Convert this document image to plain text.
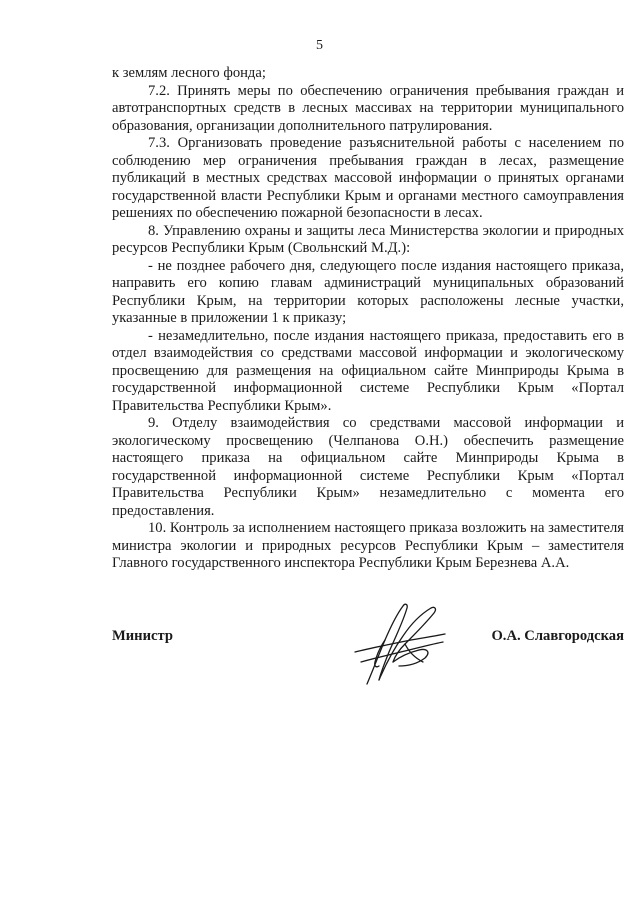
5

к землям лесного фонда;

7.2. Принять меры по обеспечению ограничения пребывания граждан и автотранспортных средств в лесных массивах на территории муниципального образования, организации дополнительного патрулирования.

7.3. Организовать проведение разъяснительной работы с населением по соблюдению мер ограничения пребывания граждан в лесах, размещение публикаций в местных средствах массовой информации о принятых органами государственной власти Республики Крым и органами местного самоуправления решениях по обеспечению пожарной безопасности в лесах.

8. Управлению охраны и защиты леса Министерства экологии и природных ресурсов Республики Крым (Свольнский М.Д.):

- не позднее рабочего дня, следующего после издания настоящего приказа, направить его копию главам администраций муниципальных образований Республики Крым, на территории которых расположены лесные участки, указанные в приложении 1 к приказу;

- незамедлительно, после издания настоящего приказа, предоставить его в отдел взаимодействия со средствами массовой информации и экологическому просвещению для размещения на официальном сайте Минприроды Крыма в государственной информационной системе Республики Крым «Портал Правительства Республики Крым».

9. Отделу взаимодействия со средствами массовой информации и экологическому просвещению (Челпанова О.Н.) обеспечить размещение настоящего приказа на официальном сайте Минприроды Крыма в государственной информационной системе Республики Крым «Портал Правительства Республики Крым» незамедлительно с момента его предоставления.

10. Контроль за исполнением настоящего приказа возложить на заместителя министра экологии и природных ресурсов Республики Крым – заместителя Главного государственного инспектора Республики Крым Березнева А.А.

Министр	О.А. Славгородская
